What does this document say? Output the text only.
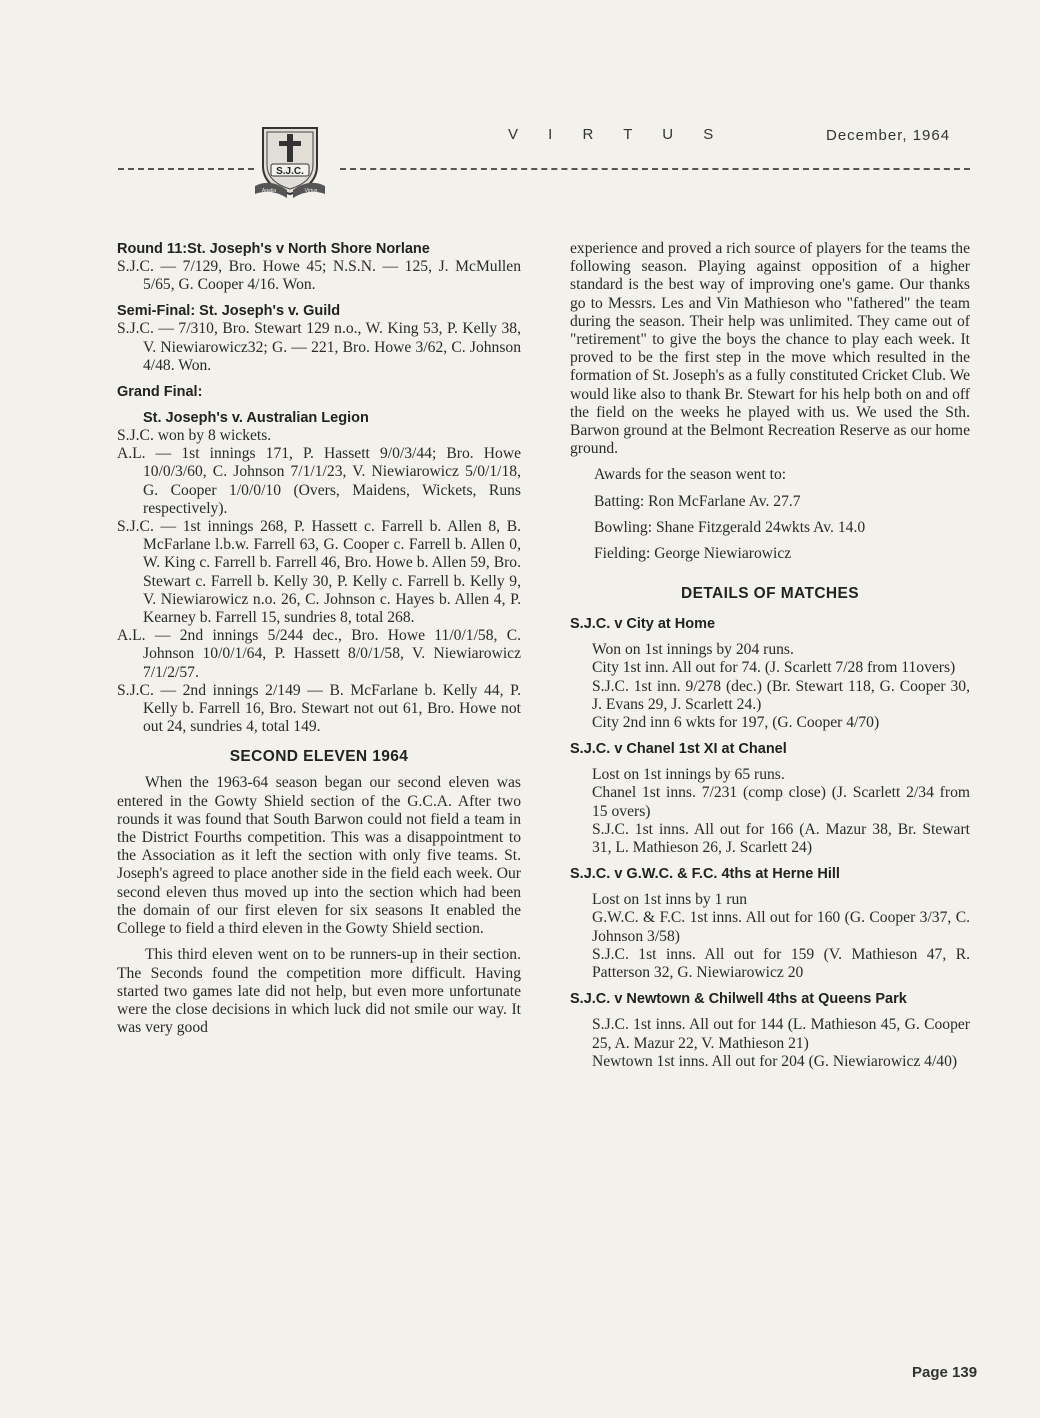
S.J.C.
Agatia	Virtus
V I R T U S	December, 1964
Round 11:St. Joseph's v North Shore Norlane

S.J.C. — 7/129, Bro. Howe 45; N.S.N. — 125, J. McMullen 5/65, G. Cooper 4/16. Won.

Semi-Final: St. Joseph's v. Guild

S.J.C. — 7/310, Bro. Stewart 129 n.o., W. King 53, P. Kelly 38, V. Niewiarowicz32; G. — 221, Bro. Howe 3/62, C. Johnson 4/48. Won.

Grand Final:
St. Joseph's v. Australian Legion

S.J.C. won by 8 wickets.

A.L. — 1st innings 171, P. Hassett 9/0/3/44; Bro. Howe 10/0/3/60, C. Johnson 7/1/1/23, V. Niewiarowicz 5/0/1/18, G. Cooper 1/0/0/10 (Overs, Maidens, Wickets, Runs respectively).

S.J.C. — 1st innings 268, P. Hassett c. Farrell b. Allen 8, B. McFarlane l.b.w. Farrell 63, G. Cooper c. Farrell b. Allen 0, W. King c. Farrell b. Farrell 46, Bro. Howe b. Allen 59, Bro. Stewart c. Farrell b. Kelly 30, P. Kelly c. Farrell b. Kelly 9, V. Niewiarowicz n.o. 26, C. Johnson c. Hayes b. Allen 4, P. Kearney b. Farrell 15, sundries 8, total 268.

A.L. — 2nd innings 5/244 dec., Bro. Howe 11/0/1/58, C. Johnson 10/0/1/64, P. Hassett 8/0/1/58, V. Niewiarowicz 7/1/2/57.

S.J.C. — 2nd innings 2/149 — B. McFarlane b. Kelly 44, P. Kelly b. Farrell 16, Bro. Stewart not out 61, Bro. Howe not out 24, sundries 4, total 149.

SECOND ELEVEN 1964

When the 1963-64 season began our second eleven was entered in the Gowty Shield section of the G.C.A. After two rounds it was found that South Barwon could not field a team in the District Fourths competition. This was a disappointment to the Association as it left the section with only five teams. St. Joseph's agreed to place another side in the field each week. Our second eleven thus moved up into the section which had been the domain of our first eleven for six seasons It enabled the College to field a third eleven in the Gowty Shield section.

This third eleven went on to be runners-up in their section. The Seconds found the competition more difficult. Having started two games late did not help, but even more unfortunate were the close decisions in which luck did not smile our way. It was very good

experience and proved a rich source of players for the teams the following season. Playing against opposition of a higher standard is the best way of improving one's game. Our thanks go to Messrs. Les and Vin Mathieson who "fathered" the team during the season. Their help was unlimited. They came out of "retirement" to give the boys the chance to play each week. It proved to be the first step in the move which resulted in the formation of St. Joseph's as a fully constituted Cricket Club. We would like also to thank Br. Stewart for his help both on and off the field on the weeks he played with us. We used the Sth. Barwon ground at the Belmont Recreation Reserve as our home ground.

Awards for the season went to:

Batting: Ron McFarlane Av. 27.7

Bowling: Shane Fitzgerald 24wkts Av. 14.0

Fielding: George Niewiarowicz

DETAILS OF MATCHES
S.J.C. v City at Home

Won on 1st innings by 204 runs.

City 1st inn. All out for 74. (J. Scarlett 7/28 from 11overs)

S.J.C. 1st inn. 9/278 (dec.) (Br. Stewart 118, G. Cooper 30, J. Evans 29, J. Scarlett 24.)

City 2nd inn 6 wkts for 197, (G. Cooper 4/70)

S.J.C. v Chanel 1st XI at Chanel

Lost on 1st innings by 65 runs.

Chanel 1st inns. 7/231 (comp close) (J. Scarlett 2/34 from 15 overs)

S.J.C. 1st inns. All out for 166 (A. Mazur 38, Br. Stewart 31, L. Mathieson 26, J. Scarlett 24)

S.J.C. v G.W.C. & F.C. 4ths at Herne Hill

Lost on 1st inns by 1 run

G.W.C. & F.C. 1st inns. All out for 160 (G. Cooper 3/37, C. Johnson 3/58)

S.J.C. 1st inns. All out for 159 (V. Mathieson 47, R. Patterson 32, G. Niewiarowicz 20

S.J.C. v Newtown & Chilwell 4ths at Queens Park

S.J.C. 1st inns. All out for 144 (L. Mathieson 45, G. Cooper 25, A. Mazur 22, V. Mathieson 21)

Newtown 1st inns. All out for 204 (G. Niewiarowicz 4/40)

Page 139
